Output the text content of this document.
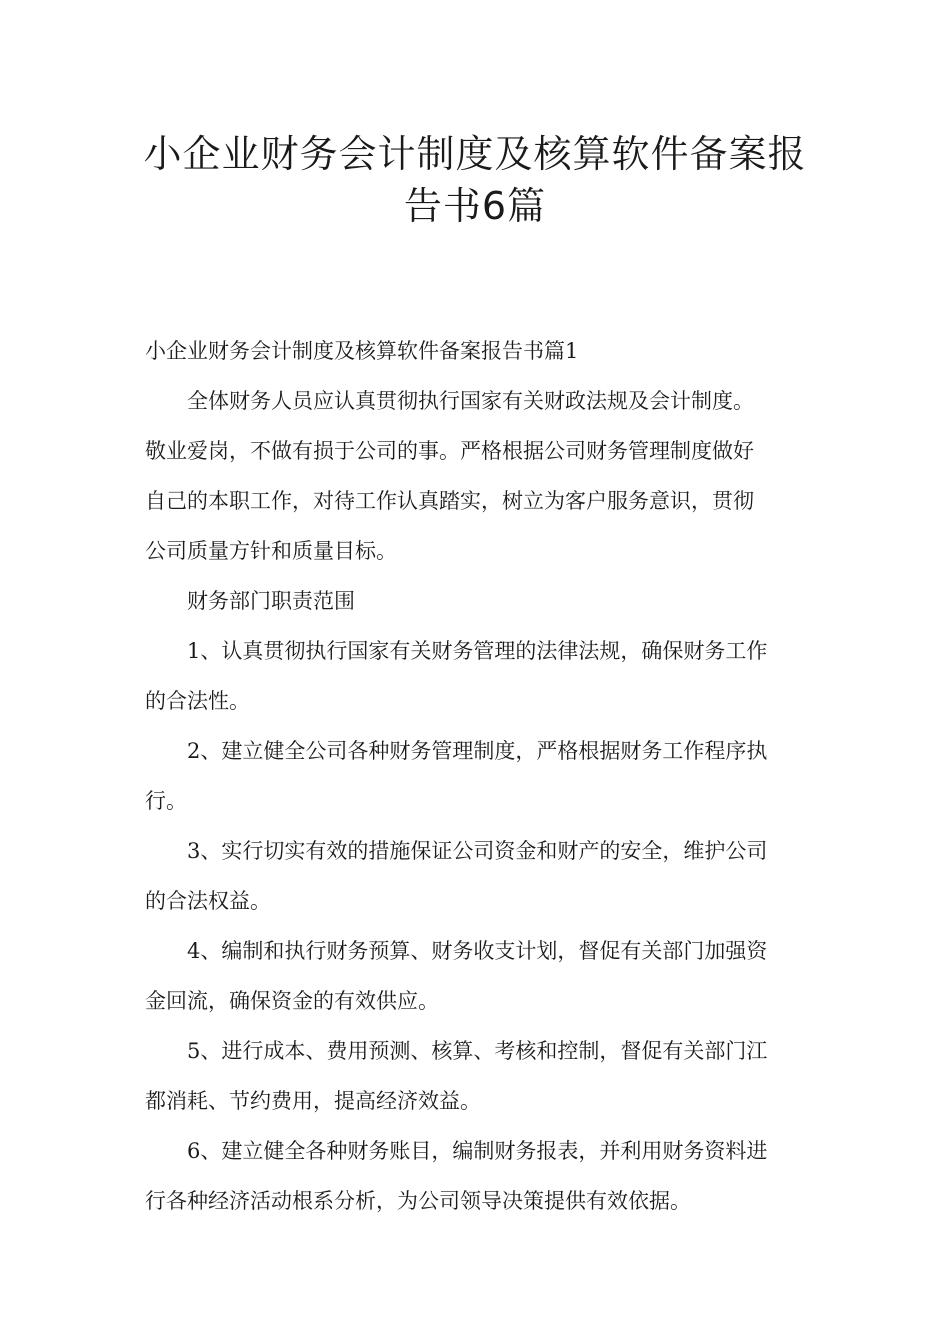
小企业财务会计制度及核算软件备案报
告书6篇

小企业财务会计制度及核算软件备案报告书篇1

全体财务人员应认真贯彻执行国家有关财政法规及会计制度。

敬业爱岗，不做有损于公司的事。严格根据公司财务管理制度做好

自己的本职工作，对待工作认真踏实，树立为客户服务意识，贯彻

公司质量方针和质量目标。

财务部门职责范围

1、认真贯彻执行国家有关财务管理的法律法规，确保财务工作

的合法性。

2、建立健全公司各种财务管理制度，严格根据财务工作程序执

行。

3、实行切实有效的措施保证公司资金和财产的安全，维护公司

的合法权益。

4、编制和执行财务预算、财务收支计划，督促有关部门加强资

金回流，确保资金的有效供应。

5、进行成本、费用预测、核算、考核和控制，督促有关部门江

都消耗、节约费用，提高经济效益。

6、建立健全各种财务账目，编制财务报表，并利用财务资料进

行各种经济活动根系分析，为公司领导决策提供有效依据。
